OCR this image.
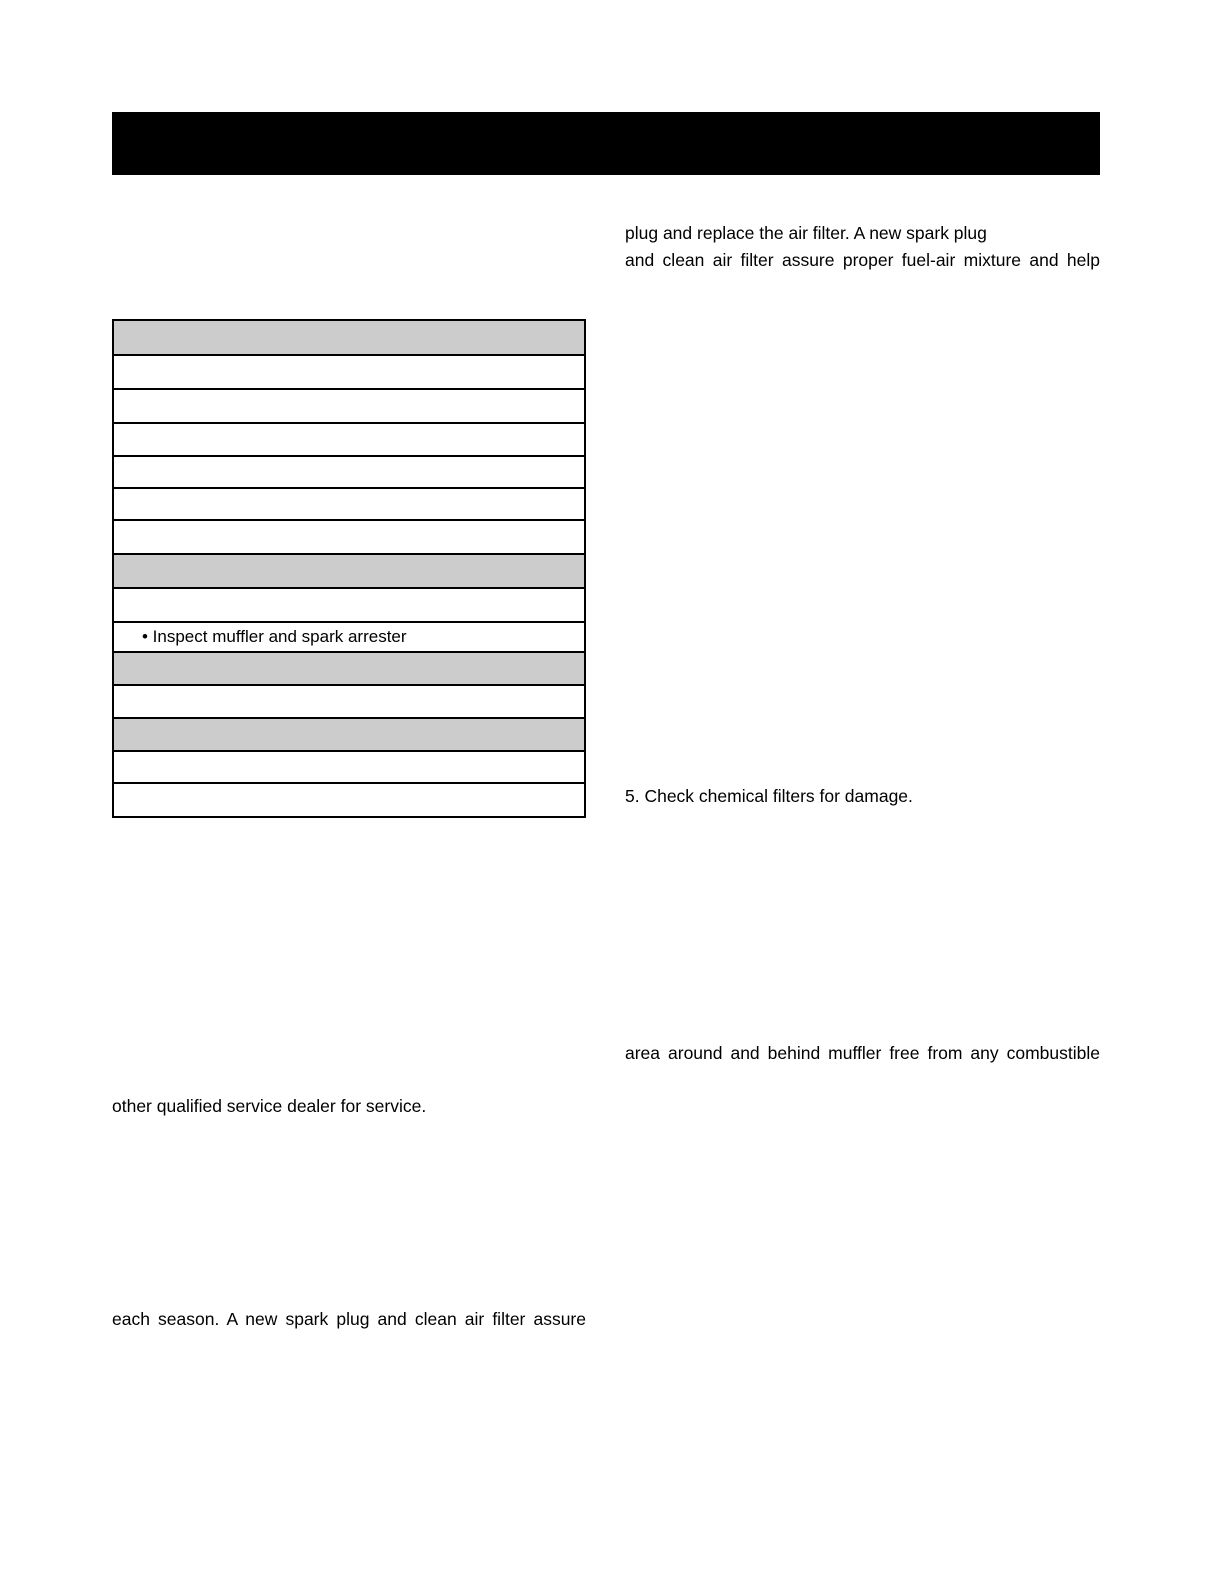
• Inspect muffler and spark arrester
plug and replace the air filter. A new spark plug
and clean air filter assure proper fuel-air mixture and help
5. Check chemical filters for damage.
area around and behind muffler free from any combustible
other qualified service dealer for service.
each season. A new spark plug and clean air filter assure
